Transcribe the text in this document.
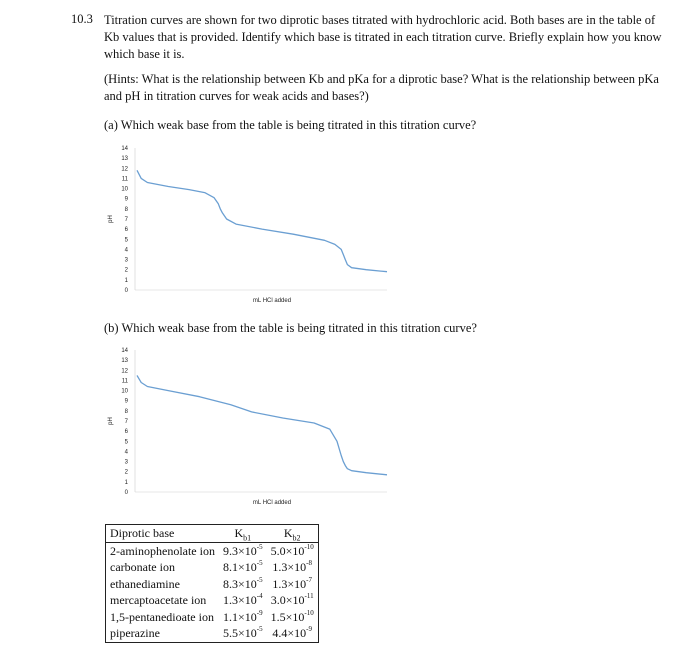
10.3 Titration curves are shown for two diprotic bases titrated with hydrochloric acid. Both bases are in the table of Kb values that is provided. Identify which base is titrated in each titration curve. Briefly explain how you know which base it is.
(Hints: What is the relationship between Kb and pKa for a diprotic base? What is the relationship between pKa and pH in titration curves for weak acids and bases?)
(a) Which weak base from the table is being titrated in this titration curve?
0
1
2
3
4
5
6
7
8
9
10
11
12
13
14
pH
mL HCl added
(b) Which weak base from the table is being titrated in this titration curve?
0
1
2
3
4
5
6
7
8
9
10
11
12
13
14
pH
mL HCl added
Diprotic base	$K_{b1}$	$K_{b2}$
2-aminophenolate ion	$9.3\times 10^{-5}$	$5.0\times 10^{-10}$
carbonate ion	$8.1\times 10^{-5}$	$1.3\times 10^{-8}$
ethanediamine	$8.3\times 10^{-5}$	$1.3\times 10^{-7}$
mercaptoacetate ion	$1.3\times 10^{-4}$	$3.0\times 10^{-11}$
1,5-pentanedioate ion	$1.1\times 10^{-9}$	$1.5\times 10^{-10}$
piperazine	$5.5\times 10^{-5}$	$4.4\times 10^{-9}$
